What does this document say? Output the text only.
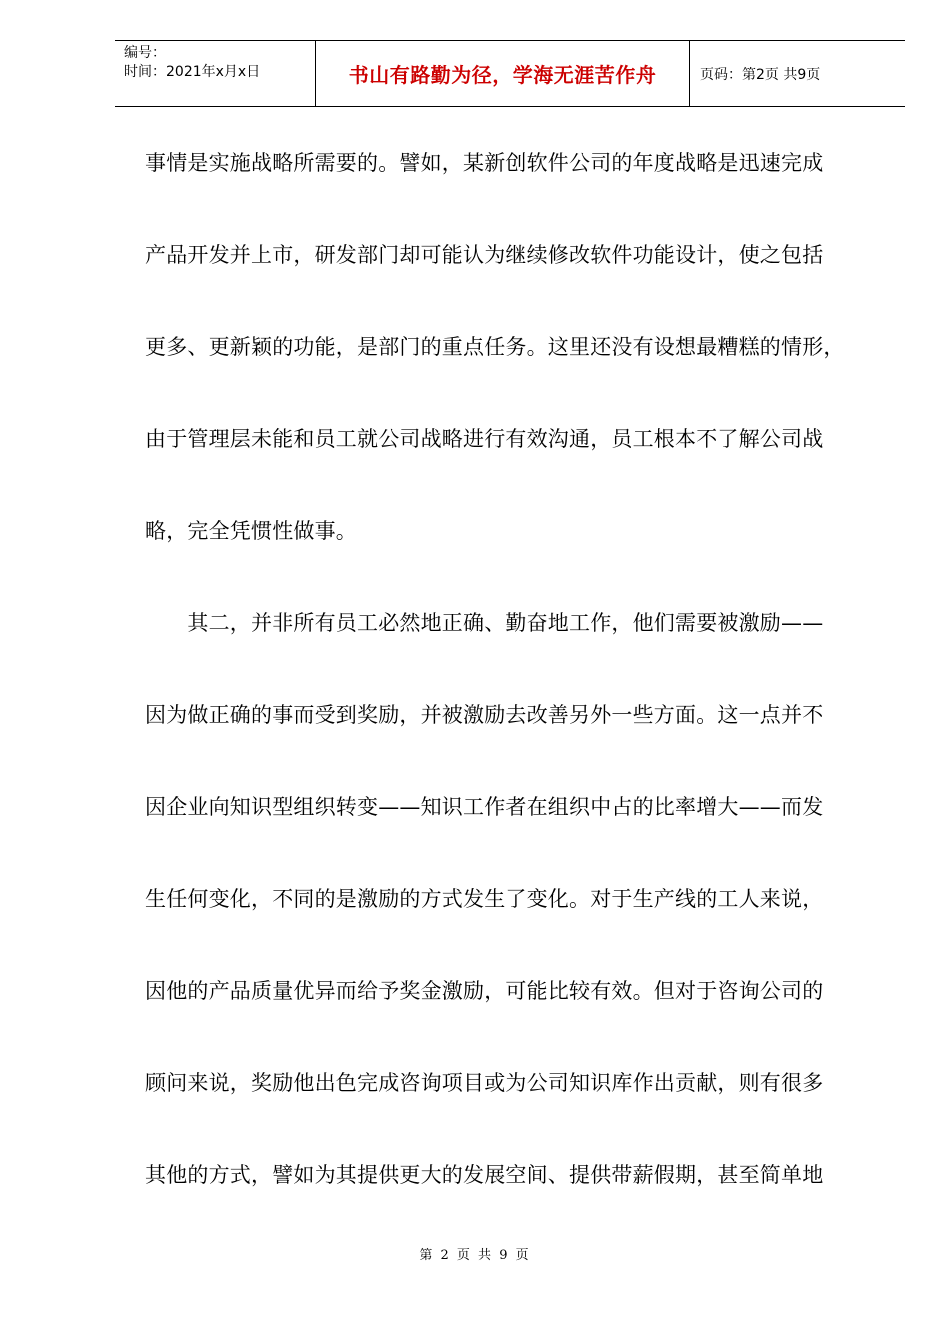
编号：
时间：2021年x月x日	书山有路勤为径，学海无涯苦作舟	页码：第2页 共9页
事情是实施战略所需要的。譬如，某新创软件公司的年度战略是迅速完成
产品开发并上市，研发部门却可能认为继续修改软件功能设计，使之包括
更多、更新颖的功能，是部门的重点任务。这里还没有设想最糟糕的情形，
由于管理层未能和员工就公司战略进行有效沟通，员工根本不了解公司战
略，完全凭惯性做事。
　　其二，并非所有员工必然地正确、勤奋地工作，他们需要被激励——
因为做正确的事而受到奖励，并被激励去改善另外一些方面。这一点并不
因企业向知识型组织转变——知识工作者在组织中占的比率增大——而发
生任何变化，不同的是激励的方式发生了变化。对于生产线的工人来说，
因他的产品质量优异而给予奖金激励，可能比较有效。但对于咨询公司的
顾问来说，奖励他出色完成咨询项目或为公司知识库作出贡献，则有很多
其他的方式，譬如为其提供更大的发展空间、提供带薪假期，甚至简单地
第 2 页 共 9 页
